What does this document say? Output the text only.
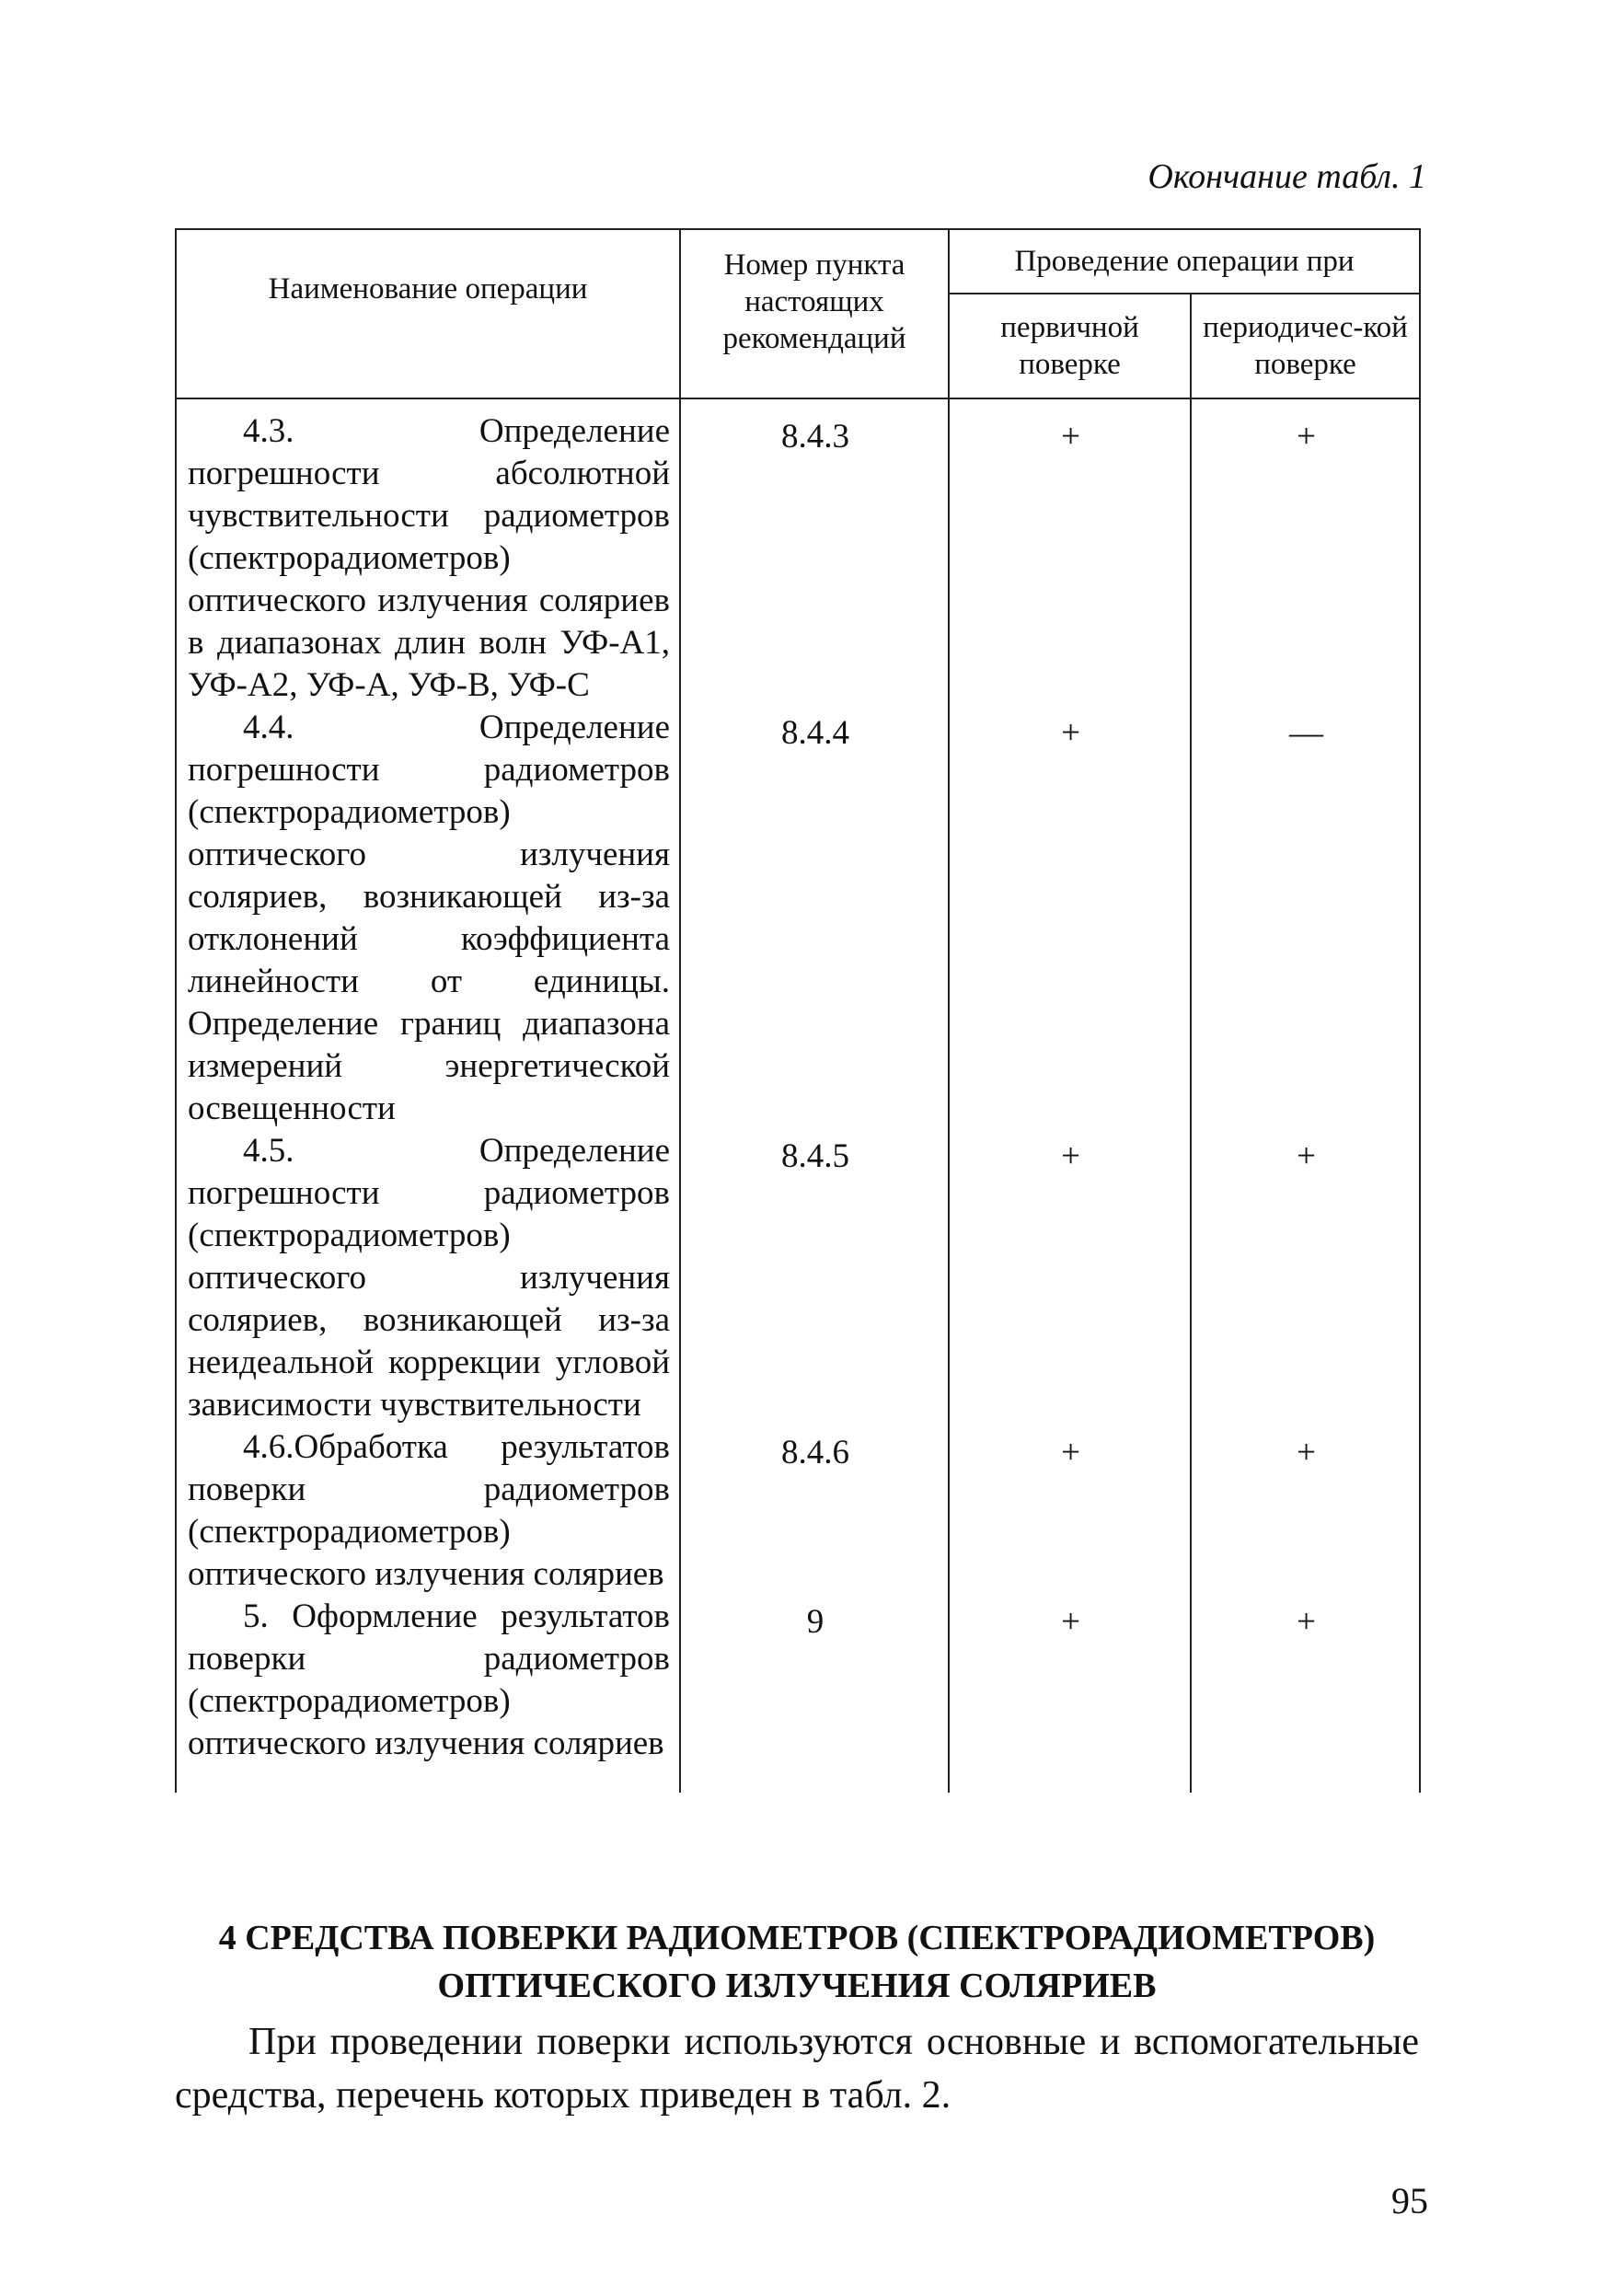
Окончание табл. 1
Наименование операции	Номер пункта настоящих рекомендаций	Проведение операции при	
		первичной поверке	периодичес-кой поверке
4.3. Определение погрешности абсолютной чувствительности радиометров (спектрорадиометров) оптического излучения соляриев в диапазонах длин волн УФ-А1, УФ-А2, УФ-А, УФ-В, УФ-С	8.4.3	+	+
4.4. Определение погрешности радиометров (спектрорадиометров) оптического излучения соляриев, возникающей из-за отклонений коэффициента линейности от единицы. Определение границ диапазона измерений энергетической освещенности	8.4.4	+	—
4.5. Определение погрешности радиометров (спектрорадиометров) оптического излучения соляриев, возникающей из-за неидеальной коррекции угловой зависимости чувствительности	8.4.5	+	+
4.6.Обработка результатов поверки радиометров (спектрорадиометров) оптического излучения соляриев	8.4.6	+	+
5. Оформление результатов поверки радиометров (спектрорадиометров) оптического излучения соляриев	9	+	+
4 СРЕДСТВА ПОВЕРКИ РАДИОМЕТРОВ (СПЕКТРОРАДИОМЕТРОВ) ОПТИЧЕСКОГО ИЗЛУЧЕНИЯ СОЛЯРИЕВ
При проведении поверки используются основные и вспомогательные средства, перечень которых приведен в табл. 2.
95
